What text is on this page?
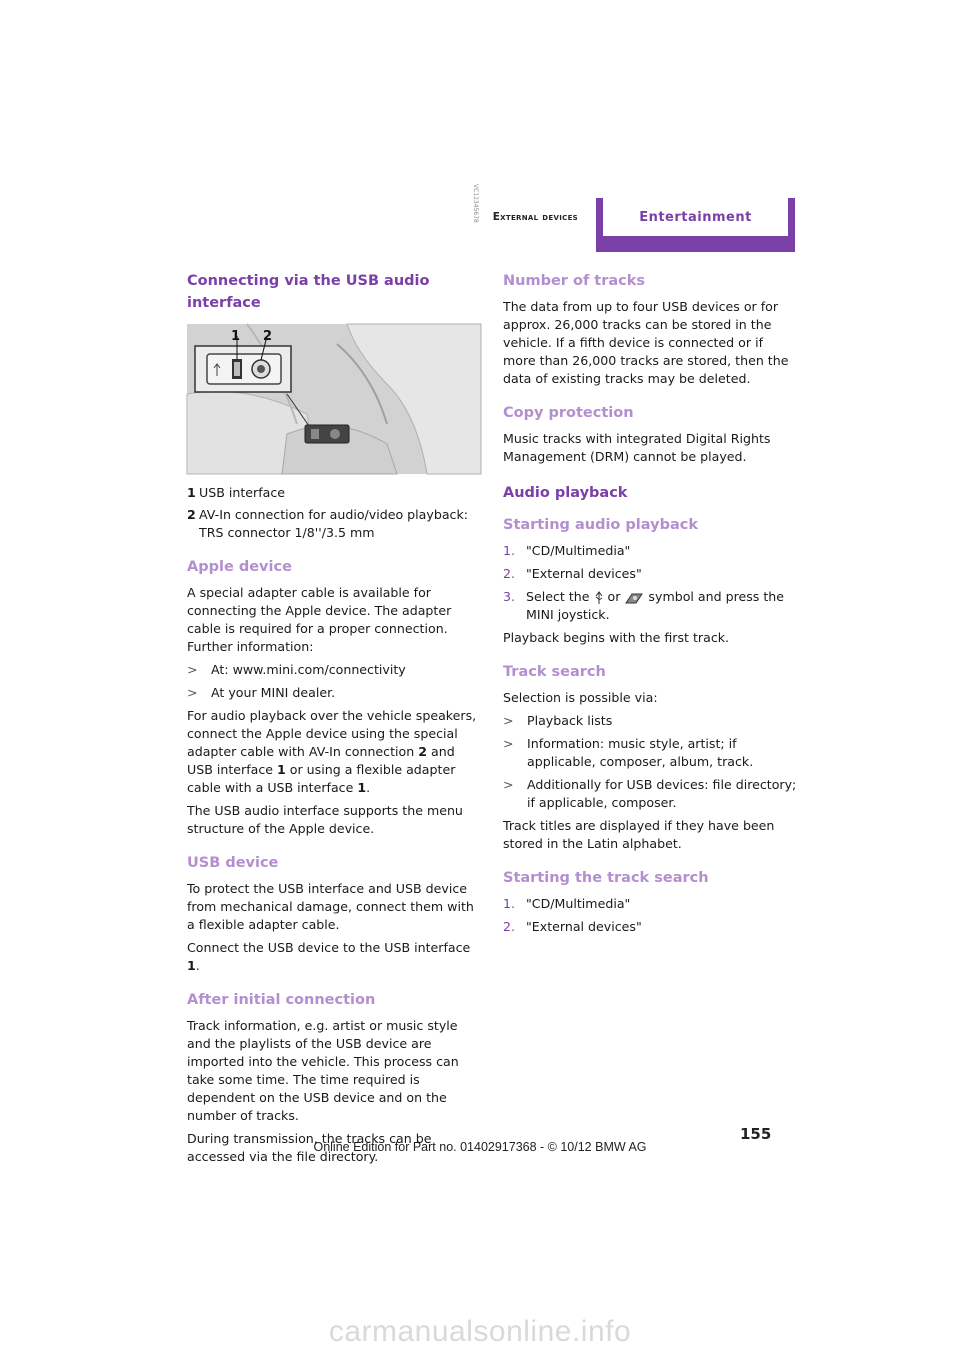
External devices	Entertainment
Connecting via the USB audio interface
1 2
VC12345678
1 USB interface
2 AV-In connection for audio/video playback: TRS connector 1/8''/3.5 mm
Apple device

A special adapter cable is available for connecting the Apple device. The adapter cable is required for a proper connection.

Further information:

>	At: www.mini.com/connectivity
>	At your MINI dealer.

For audio playback over the vehicle speakers, connect the Apple device using the special adapter cable with AV-In connection 2 and USB interface 1 or using a flexible adapter cable with a USB interface 1.

The USB audio interface supports the menu structure of the Apple device.

USB device

To protect the USB interface and USB device from mechanical damage, connect them with a flexible adapter cable.

Connect the USB device to the USB interface 1.

After initial connection

Track information, e.g. artist or music style and the playlists of the USB device are imported into the vehicle. This process can take some time. The time required is dependent on the USB device and on the number of tracks.

During transmission, the tracks can be accessed via the file directory.

Number of tracks

The data from up to four USB devices or for approx. 26,000 tracks can be stored in the vehicle. If a fifth device is connected or if more than 26,000 tracks are stored, then the data of existing tracks may be deleted.

Copy protection

Music tracks with integrated Digital Rights Management (DRM) cannot be played.

Audio playback
Starting audio playback
1. "CD/Multimedia"
2. "External devices"
3. Select the  or  symbol and press the MINI joystick.

Playback begins with the first track.

Track search

Selection is possible via:

>	Playback lists
>	Information: music style, artist; if applicable, composer, album, track.
>	Additionally for USB devices: file directory; if applicable, composer.

Track titles are displayed if they have been stored in the Latin alphabet.

Starting the track search
1. "CD/Multimedia"
2. "External devices"
155
Online Edition for Part no. 01402917368 - © 10/12 BMW AG
carmanualsonline.info
